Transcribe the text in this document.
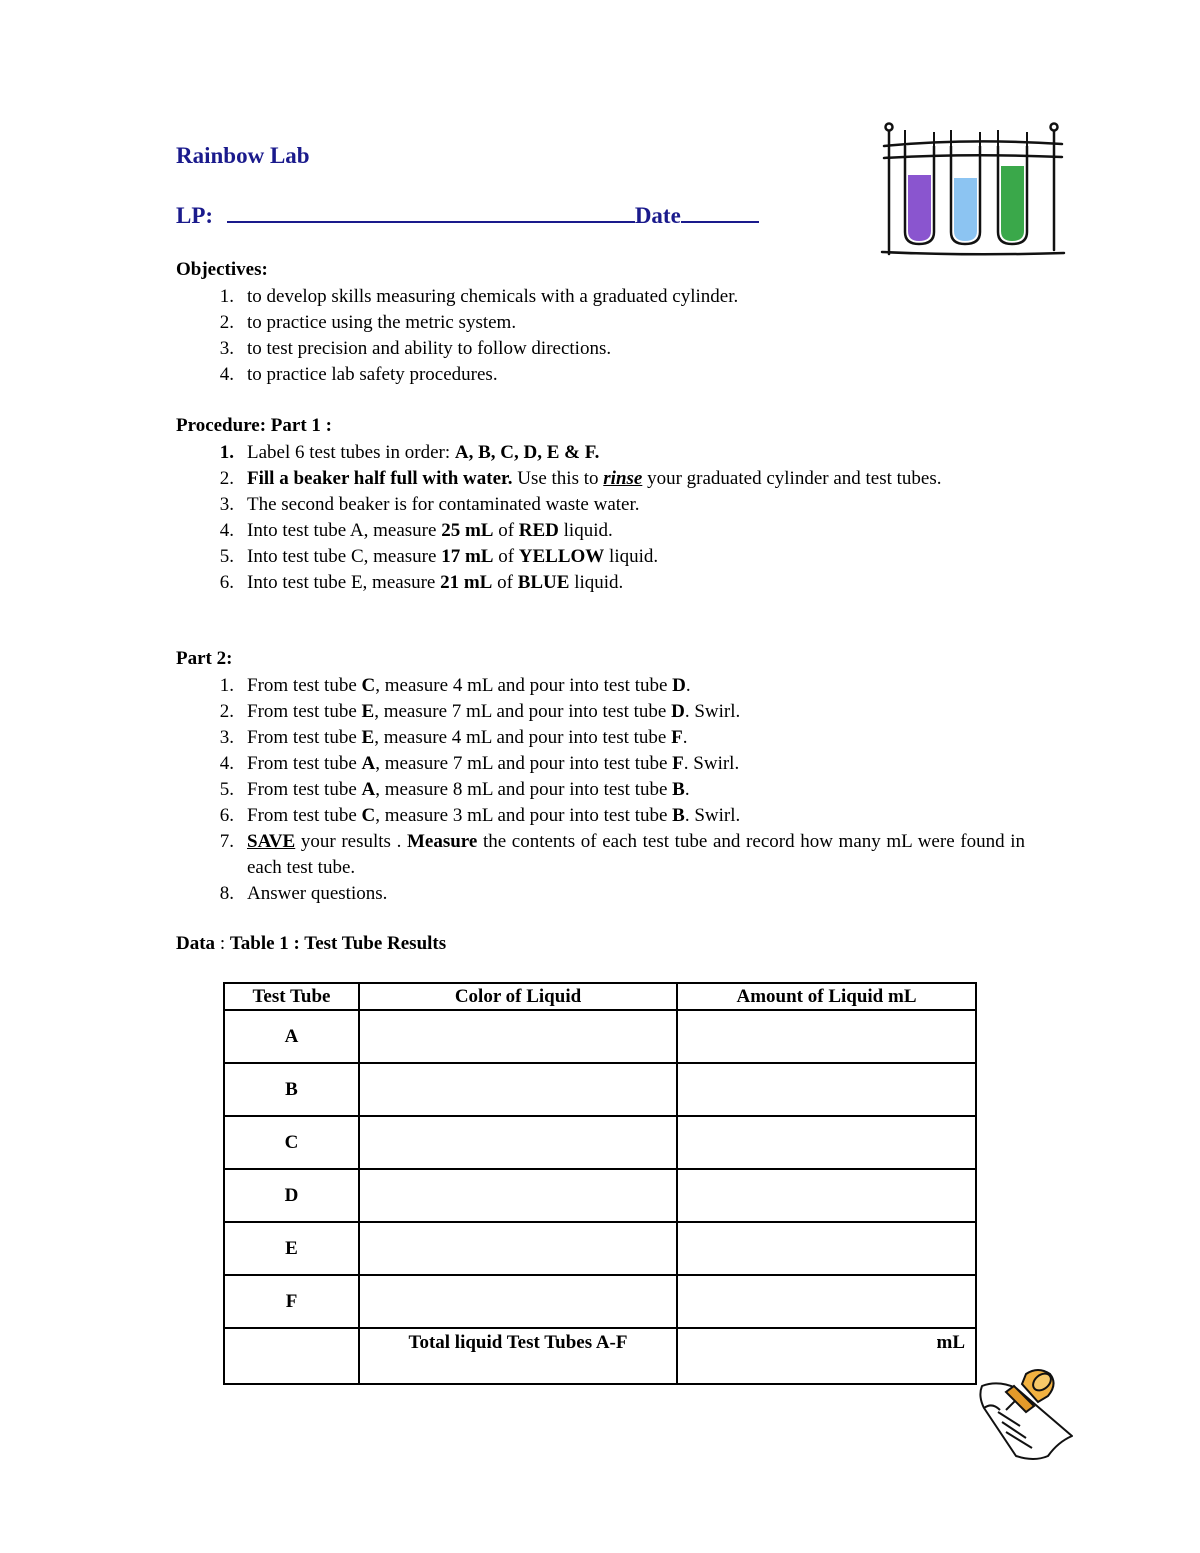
Rainbow Lab
LP:	Date
Objectives:
1. to develop skills measuring chemicals with a graduated cylinder.
2. to practice using the metric system.
3. to test precision and ability to follow directions.
4. to practice lab safety procedures.
Procedure: Part 1 :
1. Label 6 test tubes in order: A, B, C, D, E & F.
2. Fill a beaker half full with water. Use this to rinse your graduated cylinder and test tubes.
3. The second beaker is for contaminated waste water.
4. Into test tube A, measure 25 mL of RED liquid.
5. Into test tube C, measure 17 mL of YELLOW liquid.
6. Into test tube E, measure 21 mL of BLUE liquid.
Part 2:
1. From test tube C, measure 4 mL and pour into test tube D.
2. From test tube E, measure 7 mL and pour into test tube D. Swirl.
3. From test tube E, measure 4 mL and pour into test tube F.
4. From test tube A, measure 7 mL and pour into test tube F. Swirl.
5. From test tube A, measure 8 mL and pour into test tube B.
6. From test tube C, measure 3 mL and pour into test tube B. Swirl.
7. SAVE your results . Measure the contents of each test tube and record how many mL were found in each test tube.
8. Answer questions.
Data : Table 1 : Test Tube Results
Test Tube	Color of Liquid	Amount of Liquid mL
A		
B		
C		
D		
E		
F		
	Total liquid Test Tubes A-F	mL
